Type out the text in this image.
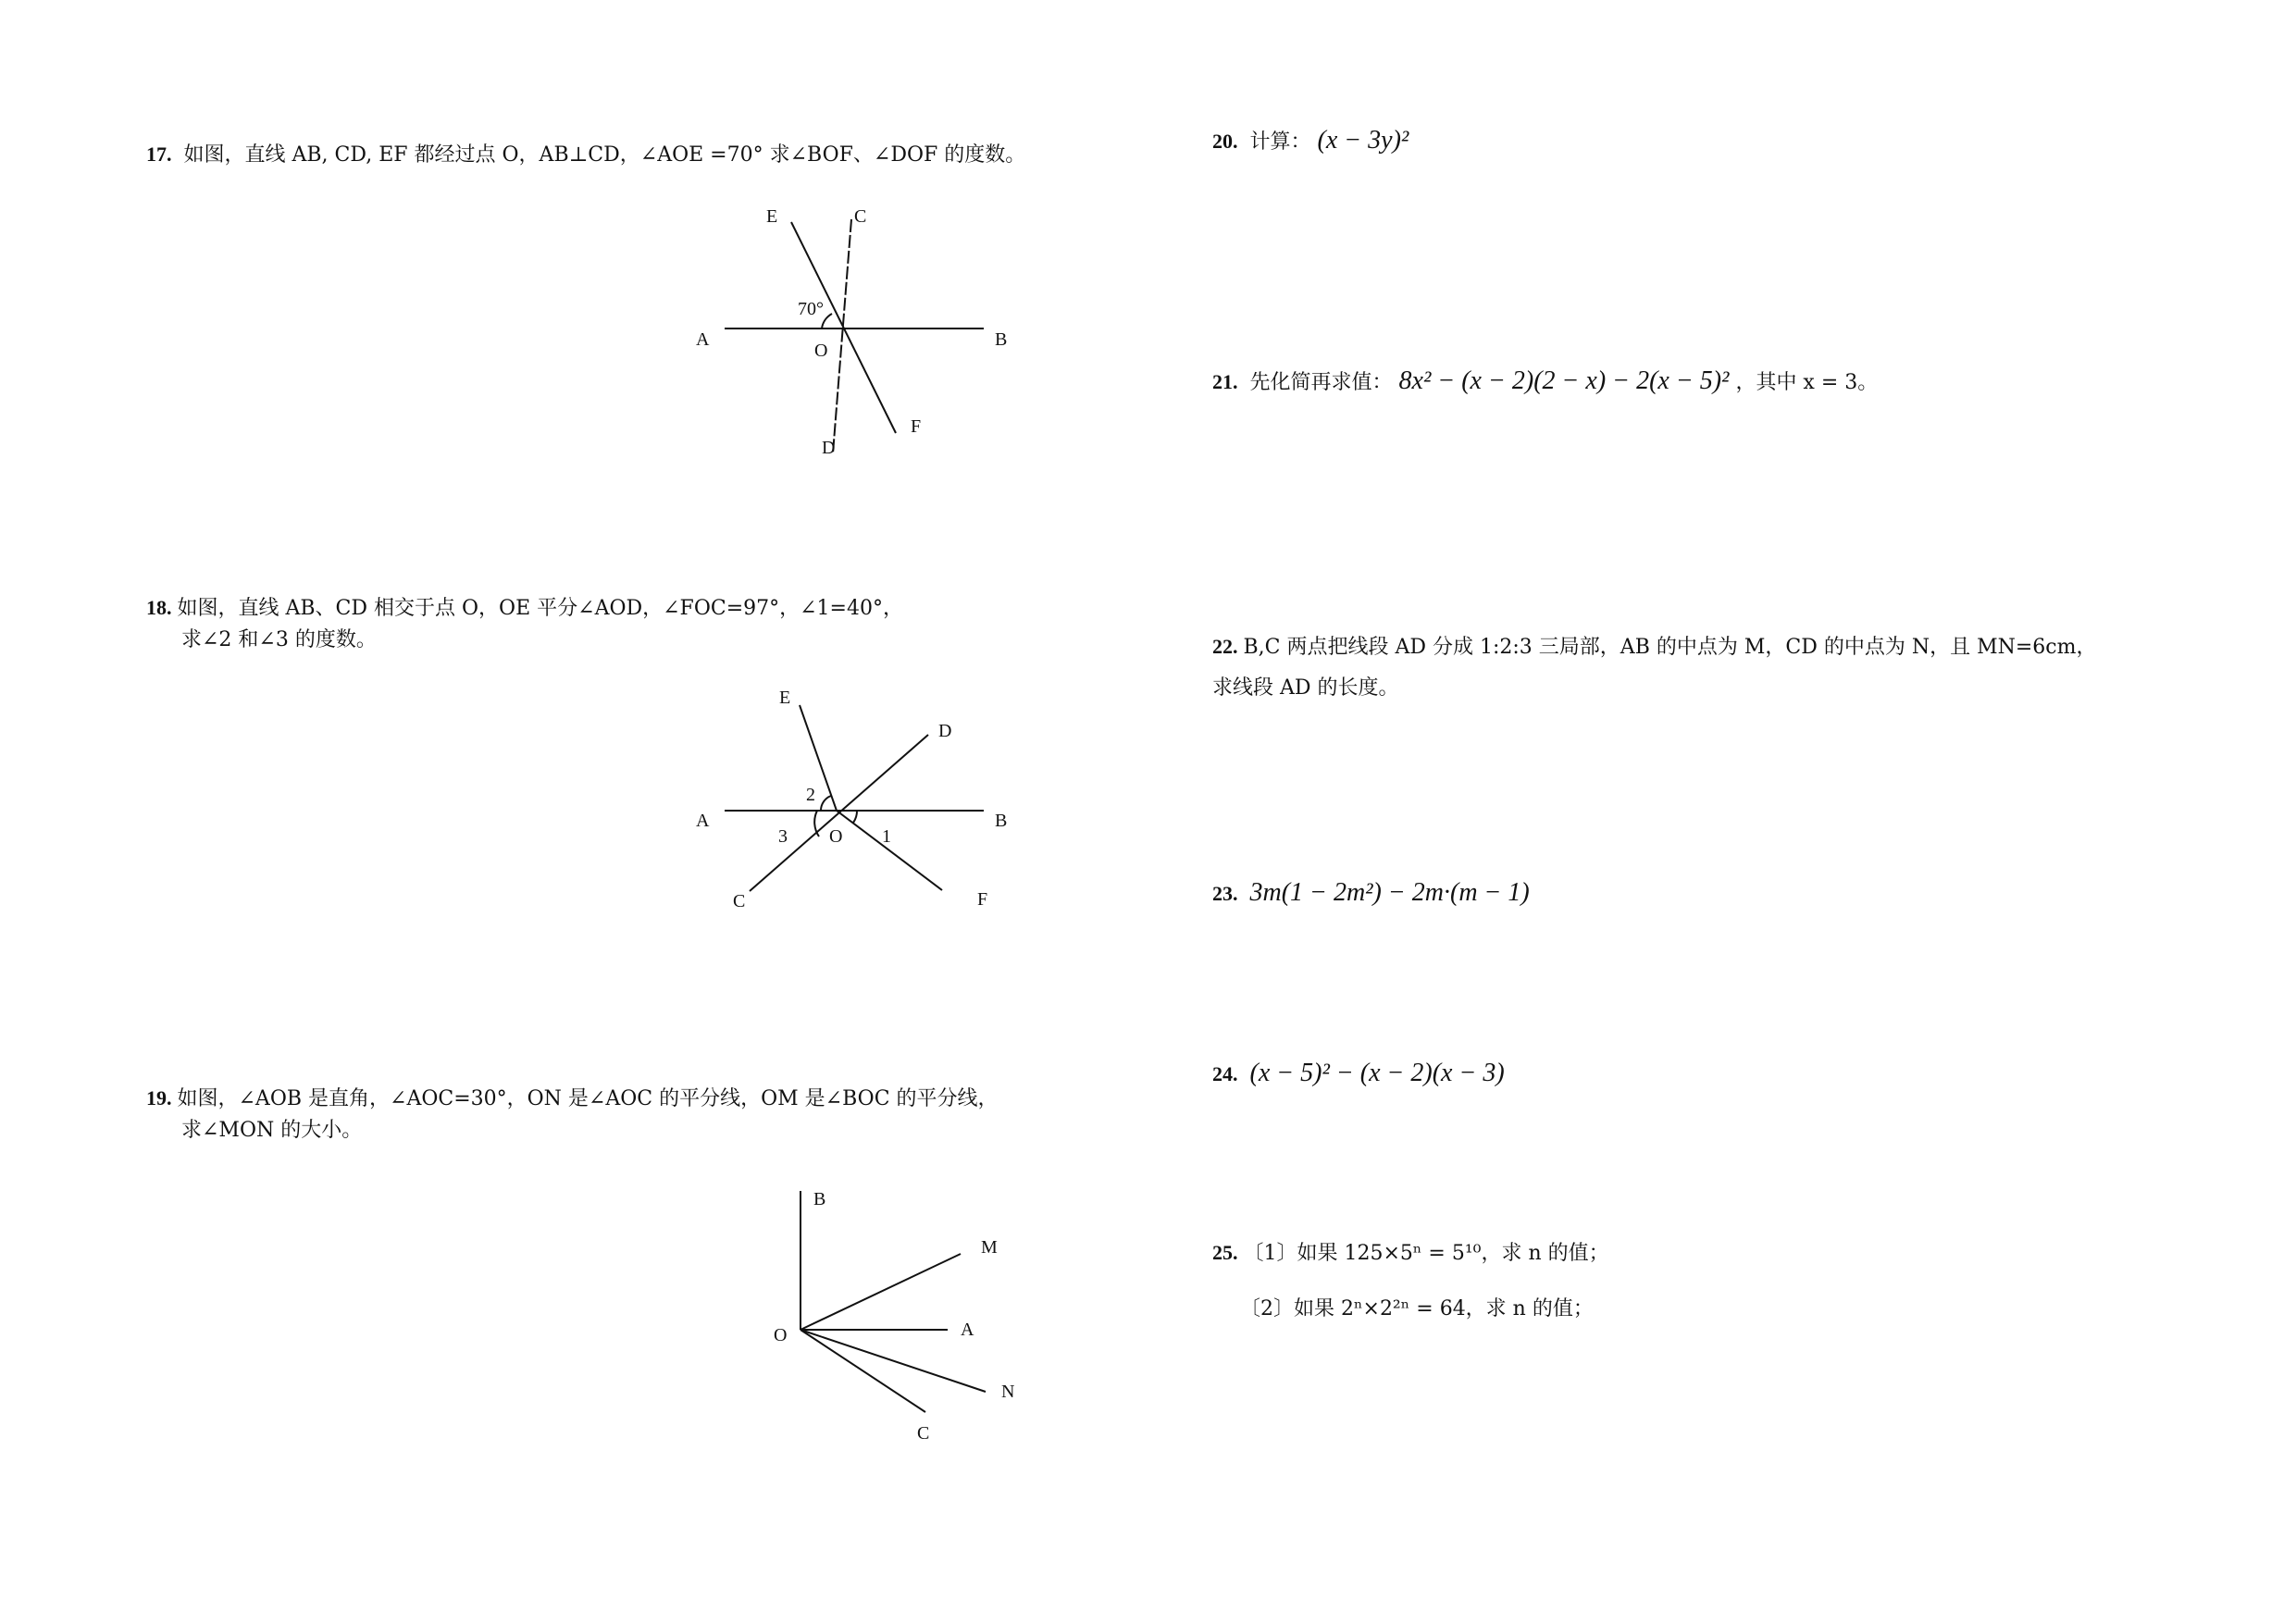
17. 如图，直线 AB, CD, EF 都经过点 O，AB⊥CD，∠AOE =70° 求∠BOF、∠DOF 的度数。
E	C
70°
A	B
O
D
F
18. 如图，直线 AB、CD 相交于点 O，OE 平分∠AOD，∠FOC=97°，∠1=40°，
求∠2 和∠3 的度数。
E
D
2
A	B
3 O 1
C	F
19. 如图，∠AOB 是直角，∠AOC=30°，ON 是∠AOC 的平分线，OM 是∠BOC 的平分线，
求∠MON 的大小。
B
M
O	A
N
C
20. 计算： (x − 3y)²
21. 先化简再求值： 8x² − (x − 2)(2 − x) − 2(x − 5)² ，其中 x = 3。
22. B,C 两点把线段 AD 分成 1:2:3 三局部，AB 的中点为 M，CD 的中点为 N，且 MN=6cm，
求线段 AD 的长度。
23. 3m(1 − 2m²) − 2m·(m − 1)
24. (x − 5)² − (x − 2)(x − 3)
25. 〔1〕如果 125×5ⁿ = 5¹⁰，求 n 的值；
〔2〕如果 2ⁿ×2²ⁿ = 64，求 n 的值；
